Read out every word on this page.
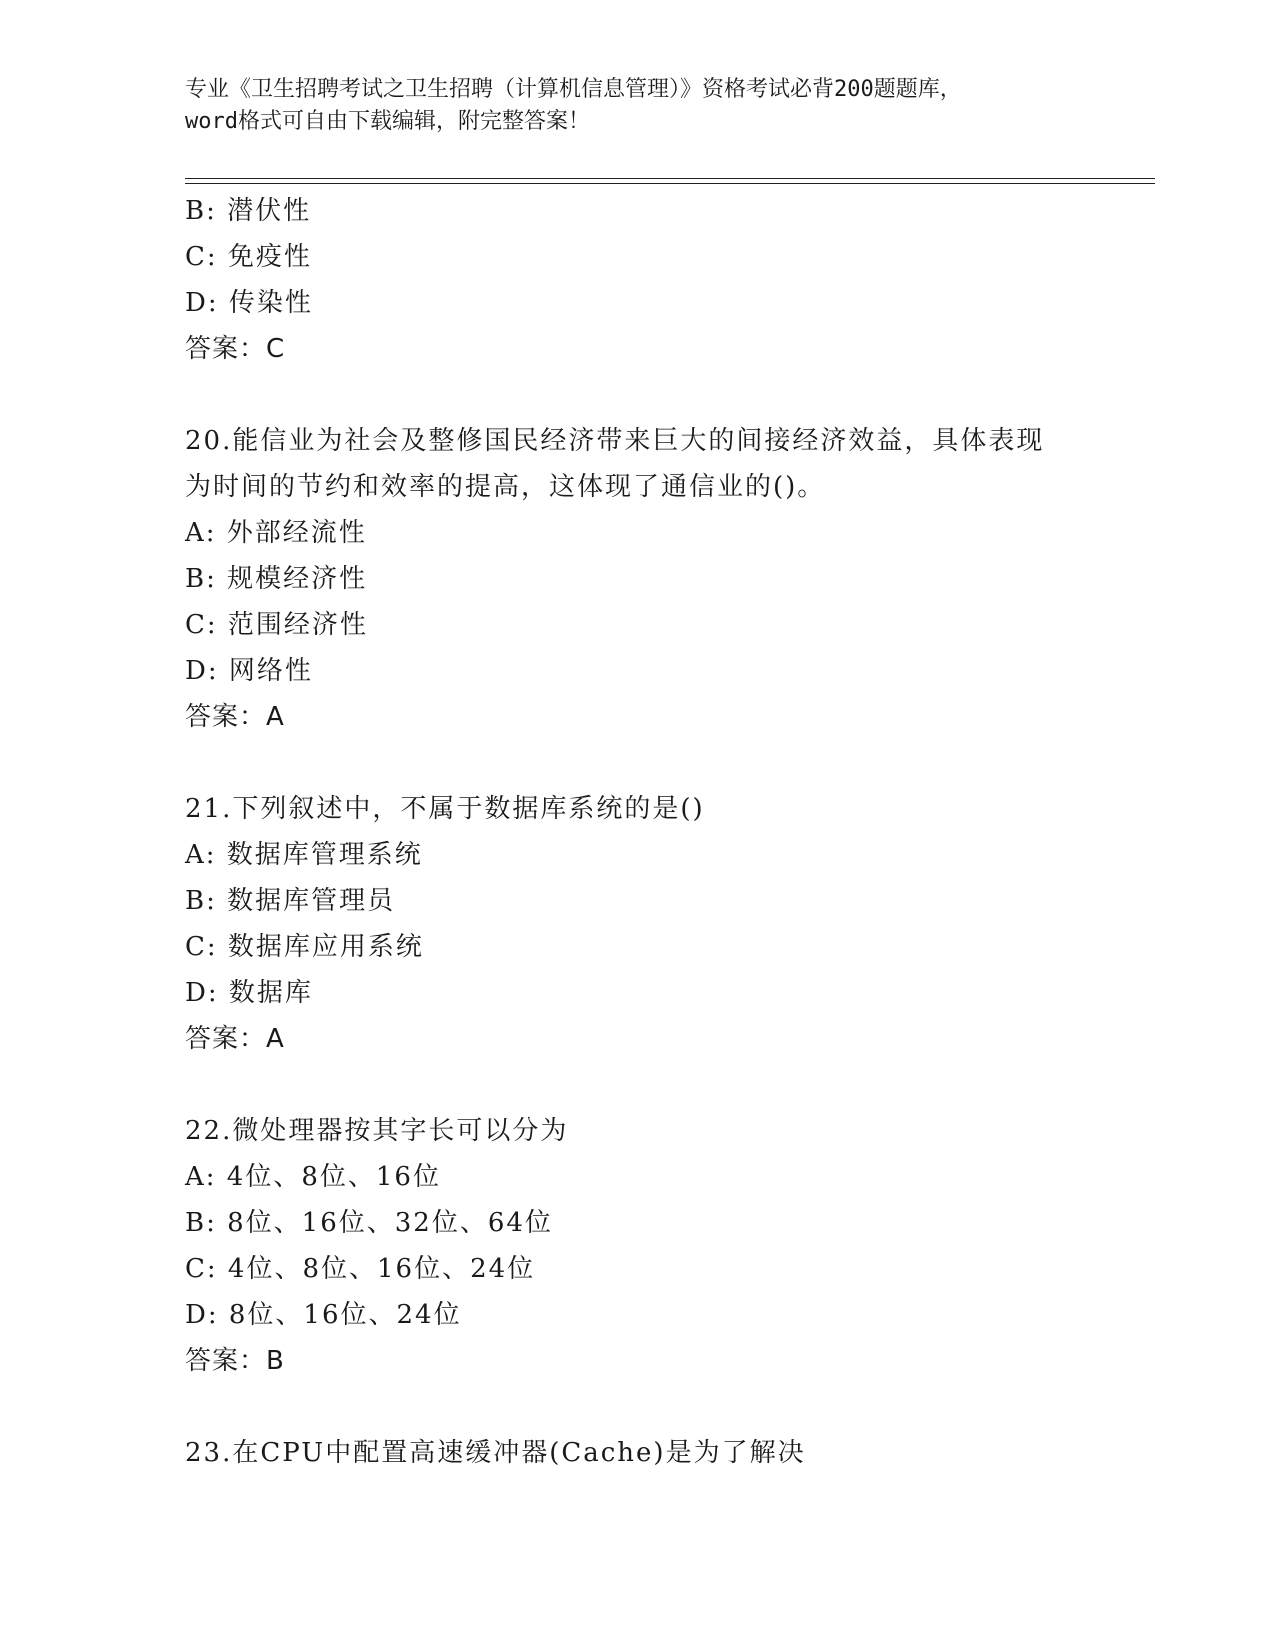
专业《卫生招聘考试之卫生招聘（计算机信息管理）》资格考试必背200题题库，
word格式可自由下载编辑，附完整答案！
B: 潜伏性
C: 免疫性
D: 传染性
答案：C
20.能信业为社会及整修国民经济带来巨大的间接经济效益，具体表现
为时间的节约和效率的提高，这体现了通信业的()。
A: 外部经流性
B: 规模经济性
C: 范围经济性
D: 网络性
答案：A
21.下列叙述中，不属于数据库系统的是()
A: 数据库管理系统
B: 数据库管理员
C: 数据库应用系统
D: 数据库
答案：A
22.微处理器按其字长可以分为
A: 4位、8位、16位
B: 8位、16位、32位、64位
C: 4位、8位、16位、24位
D: 8位、16位、24位
答案：B
23.在CPU中配置高速缓冲器(Cache)是为了解决
